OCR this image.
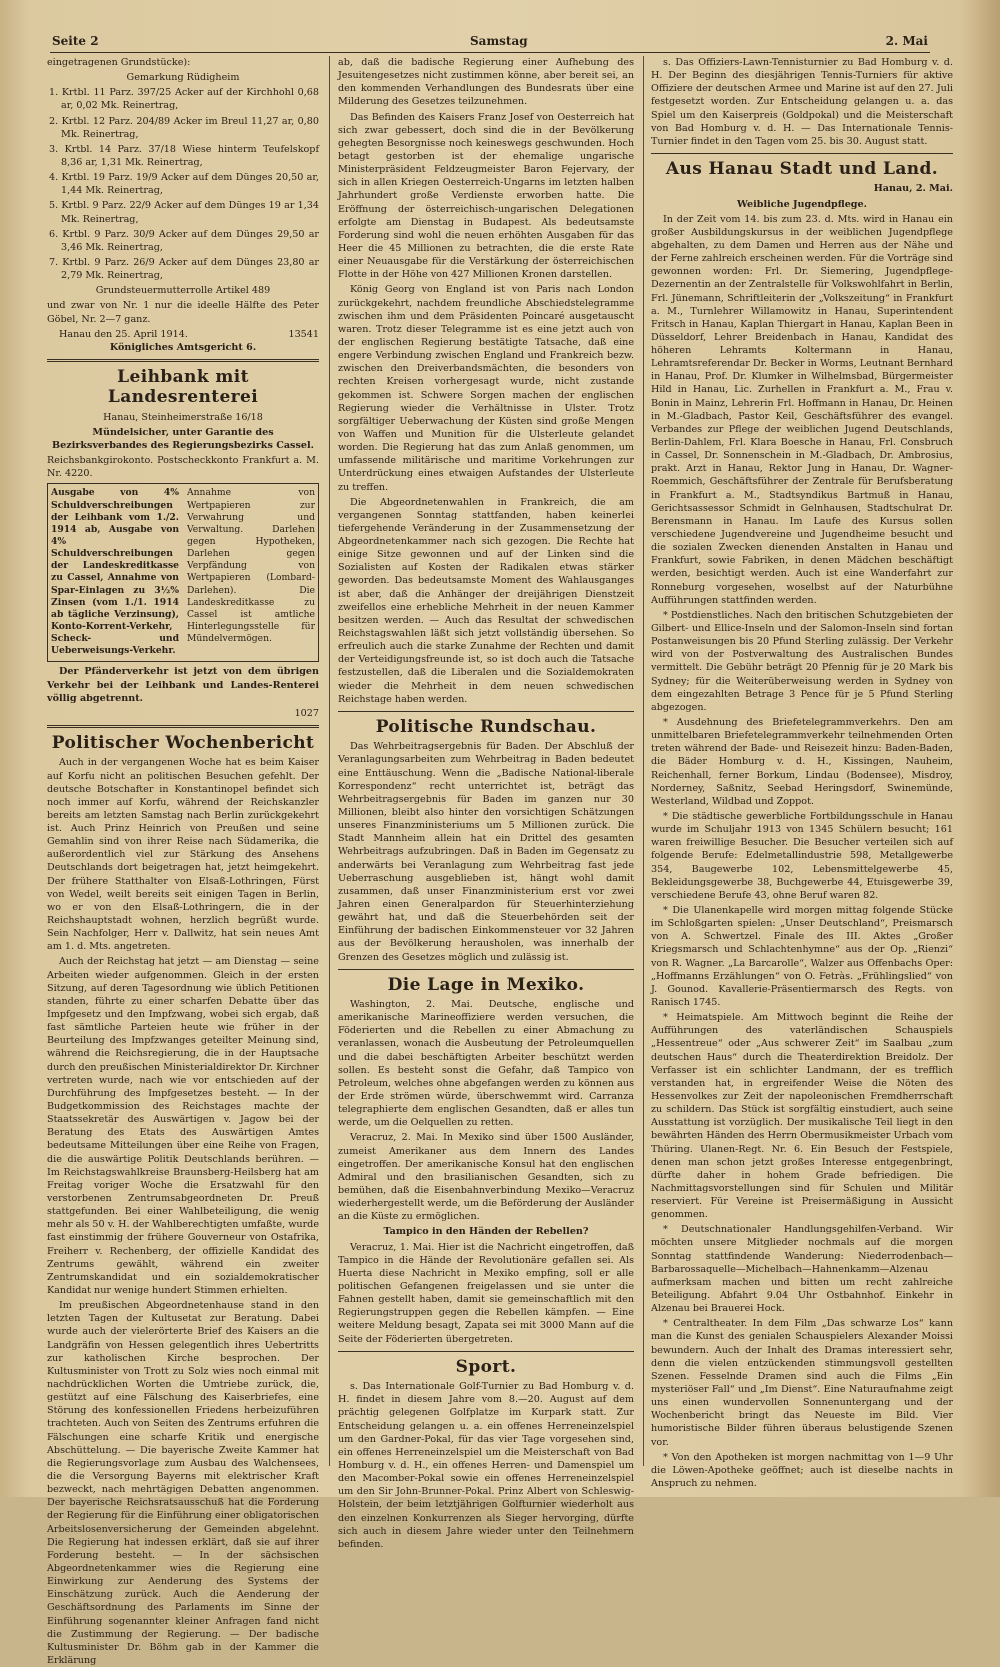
Seite 2	Samstag	2. Mai

eingetragenen Grundstücke):

Gemarkung Rüdigheim

1. Krtbl. 11 Parz. 397/25 Acker auf der Kirchhohl 0,68 ar, 0,02 Mk. Reinertrag,

2. Krtbl. 12 Parz. 204/89 Acker im Breul 11,27 ar, 0,80 Mk. Reinertrag,

3. Krtbl. 14 Parz. 37/18 Wiese hinterm Teufelskopf 8,36 ar, 1,31 Mk. Reinertrag,

4. Krtbl. 19 Parz. 19/9 Acker auf dem Dünges 20,50 ar, 1,44 Mk. Reinertrag,

5. Krtbl. 9 Parz. 22/9 Acker auf dem Dünges 19 ar 1,34 Mk. Reinertrag,

6. Krtbl. 9 Parz. 30/9 Acker auf dem Dünges 29,50 ar 3,46 Mk. Reinertrag,

7. Krtbl. 9 Parz. 26/9 Acker auf dem Dünges 23,80 ar 2,79 Mk. Reinertrag,

Grundsteuermutterrolle Artikel 489

und zwar von Nr. 1 nur die ideelle Hälfte des Peter Göbel, Nr. 2—7 ganz.

Hanau den 25. April 1914.	13541

Königliches Amtsgericht 6.

Leihbank mit Landesrenterei

Hanau, Steinheimerstraße 16/18

Mündelsicher, unter Garantie des Bezirksverbandes des Regierungsbezirks Cassel.

Reichsbankgirokonto. Postscheckkonto Frankfurt a. M. Nr. 4220.

Ausgabe von 4% Schuldverschreibungen der Leihbank vom 1./2. 1914 ab, Ausgabe von 4% Schuldverschreibungen der Landeskreditkasse zu Cassel, Annahme von Spar-Einlagen zu 3½% Zinsen (vom 1./1. 1914 ab tägliche Verzinsung), Konto-Korrent-Verkehr, Scheck- und Ueberweisungs-Verkehr.

Annahme von Wertpapieren zur Verwahrung und Verwaltung. Darlehen gegen Hypotheken, Darlehen gegen Verpfändung von Wertpapieren (Lombard-Darlehen). Die Landeskreditkasse zu Cassel ist amtliche Hinterlegungsstelle für Mündelvermögen.

Der Pfänderverkehr ist jetzt von dem übrigen Verkehr bei der Leihbank und Landes-Renterei völlig abgetrennt.

1027

Politischer Wochenbericht

Auch in der vergangenen Woche hat es beim Kaiser auf Korfu nicht an politischen Besuchen gefehlt. Der deutsche Botschafter in Konstantinopel befindet sich noch immer auf Korfu, während der Reichskanzler bereits am letzten Samstag nach Berlin zurückgekehrt ist. Auch Prinz Heinrich von Preußen und seine Gemahlin sind von ihrer Reise nach Südamerika, die außerordentlich viel zur Stärkung des Ansehens Deutschlands dort beigetragen hat, jetzt heimgekehrt. Der frühere Statthalter von Elsaß-Lothringen, Fürst von Wedel, weilt bereits seit einigen Tagen in Berlin, wo er von den Elsaß-Lothringern, die in der Reichshauptstadt wohnen, herzlich begrüßt wurde. Sein Nachfolger, Herr v. Dallwitz, hat sein neues Amt am 1. d. Mts. angetreten.

Auch der Reichstag hat jetzt — am Dienstag — seine Arbeiten wieder aufgenommen. Gleich in der ersten Sitzung, auf deren Tagesordnung wie üblich Petitionen standen, führte zu einer scharfen Debatte über das Impfgesetz und den Impfzwang, wobei sich ergab, daß fast sämtliche Parteien heute wie früher in der Beurteilung des Impfzwanges geteilter Meinung sind, während die Reichsregierung, die in der Hauptsache durch den preußischen Ministerialdirektor Dr. Kirchner vertreten wurde, nach wie vor entschieden auf der Durchführung des Impfgesetzes besteht. — In der Budgetkommission des Reichstages machte der Staatssekretär des Auswärtigen v. Jagow bei der Beratung des Etats des Auswärtigen Amtes bedeutsame Mitteilungen über eine Reihe von Fragen, die die auswärtige Politik Deutschlands berühren. — Im Reichstagswahlkreise Braunsberg-Heilsberg hat am Freitag voriger Woche die Ersatzwahl für den verstorbenen Zentrumsabgeordneten Dr. Preuß stattgefunden. Bei einer Wahlbeteiligung, die wenig mehr als 50 v. H. der Wahlberechtigten umfaßte, wurde fast einstimmig der frühere Gouverneur von Ostafrika, Freiherr v. Rechenberg, der offizielle Kandidat des Zentrums gewählt, während ein zweiter Zentrumskandidat und ein sozialdemokratischer Kandidat nur wenige hundert Stimmen erhielten.

Im preußischen Abgeordnetenhause stand in den letzten Tagen der Kultusetat zur Beratung. Dabei wurde auch der vielerörterte Brief des Kaisers an die Landgräfin von Hessen gelegentlich ihres Uebertritts zur katholischen Kirche besprochen. Der Kultusminister von Trott zu Solz wies noch einmal mit nachdrücklichen Worten die Umtriebe zurück, die, gestützt auf eine Fälschung des Kaiserbriefes, eine Störung des konfessionellen Friedens herbeizuführen trachteten. Auch von Seiten des Zentrums erfuhren die Fälschungen eine scharfe Kritik und energische Abschüttelung. — Die bayerische Zweite Kammer hat die Regierungsvorlage zum Ausbau des Walchensees, die die Versorgung Bayerns mit elektrischer Kraft bezweckt, nach mehrtägigen Debatten angenommen. Der bayerische Reichsratsausschuß hat die Forderung der Regierung für die Einführung einer obligatorischen Arbeitslosenversicherung der Gemeinden abgelehnt. Die Regierung hat indessen erklärt, daß sie auf ihrer Forderung besteht. — In der sächsischen Abgeordnetenkammer wies die Regierung eine Einwirkung zur Aenderung des Systems der Einschätzung zurück. Auch die Aenderung der Geschäftsordnung des Parlaments im Sinne der Einführung sogenannter kleiner Anfragen fand nicht die Zustimmung der Regierung. — Der badische Kultusminister Dr. Böhm gab in der Kammer die Erklärung

ab, daß die badische Regierung einer Aufhebung des Jesuitengesetzes nicht zustimmen könne, aber bereit sei, an den kommenden Verhandlungen des Bundesrats über eine Milderung des Gesetzes teilzunehmen.

Das Befinden des Kaisers Franz Josef von Oesterreich hat sich zwar gebessert, doch sind die in der Bevölkerung gehegten Besorgnisse noch keineswegs geschwunden. Hoch betagt gestorben ist der ehemalige ungarische Ministerpräsident Feldzeugmeister Baron Fejervary, der sich in allen Kriegen Oesterreich-Ungarns im letzten halben Jahrhundert große Verdienste erworben hatte. Die Eröffnung der österreichisch-ungarischen Delegationen erfolgte am Dienstag in Budapest. Als bedeutsamste Forderung sind wohl die neuen erhöhten Ausgaben für das Heer die 45 Millionen zu betrachten, die die erste Rate einer Neuausgabe für die Verstärkung der österreichischen Flotte in der Höhe von 427 Millionen Kronen darstellen.

König Georg von England ist von Paris nach London zurückgekehrt, nachdem freundliche Abschiedstelegramme zwischen ihm und dem Präsidenten Poincaré ausgetauscht waren. Trotz dieser Telegramme ist es eine jetzt auch von der englischen Regierung bestätigte Tatsache, daß eine engere Verbindung zwischen England und Frankreich bezw. zwischen den Dreiverbandsmächten, die besonders von rechten Kreisen vorhergesagt wurde, nicht zustande gekommen ist. Schwere Sorgen machen der englischen Regierung wieder die Verhältnisse in Ulster. Trotz sorgfältiger Ueberwachung der Küsten sind große Mengen von Waffen und Munition für die Ulsterleute gelandet worden. Die Regierung hat das zum Anlaß genommen, um umfassende militärische und maritime Vorkehrungen zur Unterdrückung eines etwaigen Aufstandes der Ulsterleute zu treffen.

Die Abgeordnetenwahlen in Frankreich, die am vergangenen Sonntag stattfanden, haben keinerlei tiefergehende Veränderung in der Zusammensetzung der Abgeordnetenkammer nach sich gezogen. Die Rechte hat einige Sitze gewonnen und auf der Linken sind die Sozialisten auf Kosten der Radikalen etwas stärker geworden. Das bedeutsamste Moment des Wahlausganges ist aber, daß die Anhänger der dreijährigen Dienstzeit zweifellos eine erhebliche Mehrheit in der neuen Kammer besitzen werden. — Auch das Resultat der schwedischen Reichstagswahlen läßt sich jetzt vollständig übersehen. So erfreulich auch die starke Zunahme der Rechten und damit der Verteidigungsfreunde ist, so ist doch auch die Tatsache festzustellen, daß die Liberalen und die Sozialdemokraten wieder die Mehrheit in dem neuen schwedischen Reichstage haben werden.

Politische Rundschau.

Das Wehrbeitragsergebnis für Baden. Der Abschluß der Veranlagungsarbeiten zum Wehrbeitrag in Baden bedeutet eine Enttäuschung. Wenn die „Badische National-liberale Korrespondenz“ recht unterrichtet ist, beträgt das Wehrbeitragsergebnis für Baden im ganzen nur 30 Millionen, bleibt also hinter den vorsichtigen Schätzungen unseres Finanzministeriums um 5 Millionen zurück. Die Stadt Mannheim allein hat ein Drittel des gesamten Wehrbeitrags aufzubringen. Daß in Baden im Gegensatz zu anderwärts bei Veranlagung zum Wehrbeitrag fast jede Ueberraschung ausgeblieben ist, hängt wohl damit zusammen, daß unser Finanzministerium erst vor zwei Jahren einen Generalpardon für Steuerhinterziehung gewährt hat, und daß die Steuerbehörden seit der Einführung der badischen Einkommensteuer vor 32 Jahren aus der Bevölkerung herausholen, was innerhalb der Grenzen des Gesetzes möglich und zulässig ist.

Die Lage in Mexiko.

Washington, 2. Mai. Deutsche, englische und amerikanische Marineoffiziere werden versuchen, die Föderierten und die Rebellen zu einer Abmachung zu veranlassen, wonach die Ausbeutung der Petroleumquellen und die dabei beschäftigten Arbeiter beschützt werden sollen. Es besteht sonst die Gefahr, daß Tampico von Petroleum, welches ohne abgefangen werden zu können aus der Erde strömen würde, überschwemmt wird. Carranza telegraphierte dem englischen Gesandten, daß er alles tun werde, um die Oelquellen zu retten.

Veracruz, 2. Mai. In Mexiko sind über 1500 Ausländer, zumeist Amerikaner aus dem Innern des Landes eingetroffen. Der amerikanische Konsul hat den englischen Admiral und den brasilianischen Gesandten, sich zu bemühen, daß die Eisenbahnverbindung Mexiko—Veracruz wiederhergestellt werde, um die Beförderung der Ausländer an die Küste zu ermöglichen.

Tampico in den Händen der Rebellen?

Veracruz, 1. Mai. Hier ist die Nachricht eingetroffen, daß Tampico in die Hände der Revolutionäre gefallen sei. Als Huerta diese Nachricht in Mexiko empfing, soll er alle politischen Gefangenen freigelassen und sie unter die Fahnen gestellt haben, damit sie gemeinschaftlich mit den Regierungstruppen gegen die Rebellen kämpfen. — Eine weitere Meldung besagt, Zapata sei mit 3000 Mann auf die Seite der Föderierten übergetreten.

Sport.

s. Das Internationale Golf-Turnier zu Bad Homburg v. d. H. findet in diesem Jahre vom 8.—20. August auf dem prächtig gelegenen Golfplatze im Kurpark statt. Zur Entscheidung gelangen u. a. ein offenes Herreneinzelspiel um den Gardner-Pokal, für das vier Tage vorgesehen sind, ein offenes Herreneinzelspiel um die Meisterschaft von Bad Homburg v. d. H., ein offenes Herren- und Damenspiel um den Macomber-Pokal sowie ein offenes Herreneinzelspiel um den Sir John-Brunner-Pokal. Prinz Albert von Schleswig-Holstein, der beim letztjährigen Golfturnier wiederholt aus den einzelnen Konkurrenzen als Sieger hervorging, dürfte sich auch in diesem Jahre wieder unter den Teilnehmern befinden.

s. Das Offiziers-Lawn-Tennisturnier zu Bad Homburg v. d. H. Der Beginn des diesjährigen Tennis-Turniers für aktive Offiziere der deutschen Armee und Marine ist auf den 27. Juli festgesetzt worden. Zur Entscheidung gelangen u. a. das Spiel um den Kaiserpreis (Goldpokal) und die Meisterschaft von Bad Homburg v. d. H. — Das Internationale Tennis-Turnier findet in den Tagen vom 25. bis 30. August statt.

Aus Hanau Stadt und Land.

Hanau, 2. Mai.

Weibliche Jugendpflege.

In der Zeit vom 14. bis zum 23. d. Mts. wird in Hanau ein großer Ausbildungskursus in der weiblichen Jugendpflege abgehalten, zu dem Damen und Herren aus der Nähe und der Ferne zahlreich erscheinen werden. Für die Vorträge sind gewonnen worden: Frl. Dr. Siemering, Jugendpflege-Dezernentin an der Zentralstelle für Volkswohlfahrt in Berlin, Frl. Jünemann, Schriftleiterin der „Volkszeitung“ in Frankfurt a. M., Turnlehrer Willamowitz in Hanau, Superintendent Fritsch in Hanau, Kaplan Thiergart in Hanau, Kaplan Been in Düsseldorf, Lehrer Breidenbach in Hanau, Kandidat des höheren Lehramts Koltermann in Hanau, Lehramtsreferendar Dr. Becker in Worms, Leutnant Bernhard in Hanau, Prof. Dr. Klumker in Wilhelmsbad, Bürgermeister Hild in Hanau, Lic. Zurhellen in Frankfurt a. M., Frau v. Bonin in Mainz, Lehrerin Frl. Hoffmann in Hanau, Dr. Heinen in M.-Gladbach, Pastor Keil, Geschäftsführer des evangel. Verbandes zur Pflege der weiblichen Jugend Deutschlands, Berlin-Dahlem, Frl. Klara Boesche in Hanau, Frl. Consbruch in Cassel, Dr. Sonnenschein in M.-Gladbach, Dr. Ambrosius, prakt. Arzt in Hanau, Rektor Jung in Hanau, Dr. Wagner-Roemmich, Geschäftsführer der Zentrale für Berufsberatung in Frankfurt a. M., Stadtsyndikus Bartmuß in Hanau, Gerichtsassessor Schmidt in Gelnhausen, Stadtschulrat Dr. Berensmann in Hanau. Im Laufe des Kursus sollen verschiedene Jugendvereine und Jugendheime besucht und die sozialen Zwecken dienenden Anstalten in Hanau und Frankfurt, sowie Fabriken, in denen Mädchen beschäftigt werden, besichtigt werden. Auch ist eine Wanderfahrt zur Ronneburg vorgesehen, woselbst auf der Naturbühne Aufführungen stattfinden werden.

* Postdienstliches. Nach den britischen Schutzgebieten der Gilbert- und Ellice-Inseln und der Salomon-Inseln sind fortan Postanweisungen bis 20 Pfund Sterling zulässig. Der Verkehr wird von der Postverwaltung des Australischen Bundes vermittelt. Die Gebühr beträgt 20 Pfennig für je 20 Mark bis Sydney; für die Weiterüberweisung werden in Sydney von dem eingezahlten Betrage 3 Pence für je 5 Pfund Sterling abgezogen.

* Ausdehnung des Briefetelegrammverkehrs. Den am unmittelbaren Briefetelegrammverkehr teilnehmenden Orten treten während der Bade- und Reisezeit hinzu: Baden-Baden, die Bäder Homburg v. d. H., Kissingen, Nauheim, Reichenhall, ferner Borkum, Lindau (Bodensee), Misdroy, Norderney, Saßnitz, Seebad Heringsdorf, Swinemünde, Westerland, Wildbad und Zoppot.

* Die städtische gewerbliche Fortbildungsschule in Hanau wurde im Schuljahr 1913 von 1345 Schülern besucht; 161 waren freiwillige Besucher. Die Besucher verteilen sich auf folgende Berufe: Edelmetallindustrie 598, Metallgewerbe 354, Baugewerbe 102, Lebensmittelgewerbe 45, Bekleidungsgewerbe 38, Buchgewerbe 44, Etuisgewerbe 39, verschiedene Berufe 43, ohne Beruf waren 82.

* Die Ulanenkapelle wird morgen mittag folgende Stücke im Schloßgarten spielen: „Unser Deutschland“, Preismarsch von A. Schwertzel. Finale des III. Aktes „Großer Kriegsmarsch und Schlachtenhymne“ aus der Op. „Rienzi“ von R. Wagner. „La Barcarolle“, Walzer aus Offenbachs Oper: „Hoffmanns Erzählungen“ von O. Fetràs. „Frühlingslied“ von J. Gounod. Kavallerie-Präsentiermarsch des Regts. von Ranisch 1745.

* Heimatspiele. Am Mittwoch beginnt die Reihe der Aufführungen des vaterländischen Schauspiels „Hessentreue“ oder „Aus schwerer Zeit“ im Saalbau „zum deutschen Haus“ durch die Theaterdirektion Breidolz. Der Verfasser ist ein schlichter Landmann, der es trefflich verstanden hat, in ergreifender Weise die Nöten des Hessenvolkes zur Zeit der napoleonischen Fremdherrschaft zu schildern. Das Stück ist sorgfältig einstudiert, auch seine Ausstattung ist vorzüglich. Der musikalische Teil liegt in den bewährten Händen des Herrn Obermusikmeister Urbach vom Thüring. Ulanen-Regt. Nr. 6. Ein Besuch der Festspiele, denen man schon jetzt großes Interesse entgegenbringt, dürfte daher in hohem Grade befriedigen. Die Nachmittagsvorstellungen sind für Schulen und Militär reserviert. Für Vereine ist Preisermäßigung in Aussicht genommen.

* Deutschnationaler Handlungsgehilfen-Verband. Wir möchten unsere Mitglieder nochmals auf die morgen Sonntag stattfindende Wanderung: Niederrodenbach—Barbarossaquelle—Michelbach—Hahnenkamm—Alzenau aufmerksam machen und bitten um recht zahlreiche Beteiligung. Abfahrt 9.04 Uhr Ostbahnhof. Einkehr in Alzenau bei Brauerei Hock.

* Centraltheater. In dem Film „Das schwarze Los“ kann man die Kunst des genialen Schauspielers Alexander Moissi bewundern. Auch der Inhalt des Dramas interessiert sehr, denn die vielen entzückenden stimmungsvoll gestellten Szenen. Fesselnde Dramen sind auch die Films „Ein mysteriöser Fall“ und „Im Dienst“. Eine Naturaufnahme zeigt uns einen wundervollen Sonnenuntergang und der Wochenbericht bringt das Neueste im Bild. Vier humoristische Bilder führen überaus belustigende Szenen vor.

* Von den Apotheken ist morgen nachmittag von 1—9 Uhr die Löwen-Apotheke geöffnet; auch ist dieselbe nachts in Anspruch zu nehmen.
